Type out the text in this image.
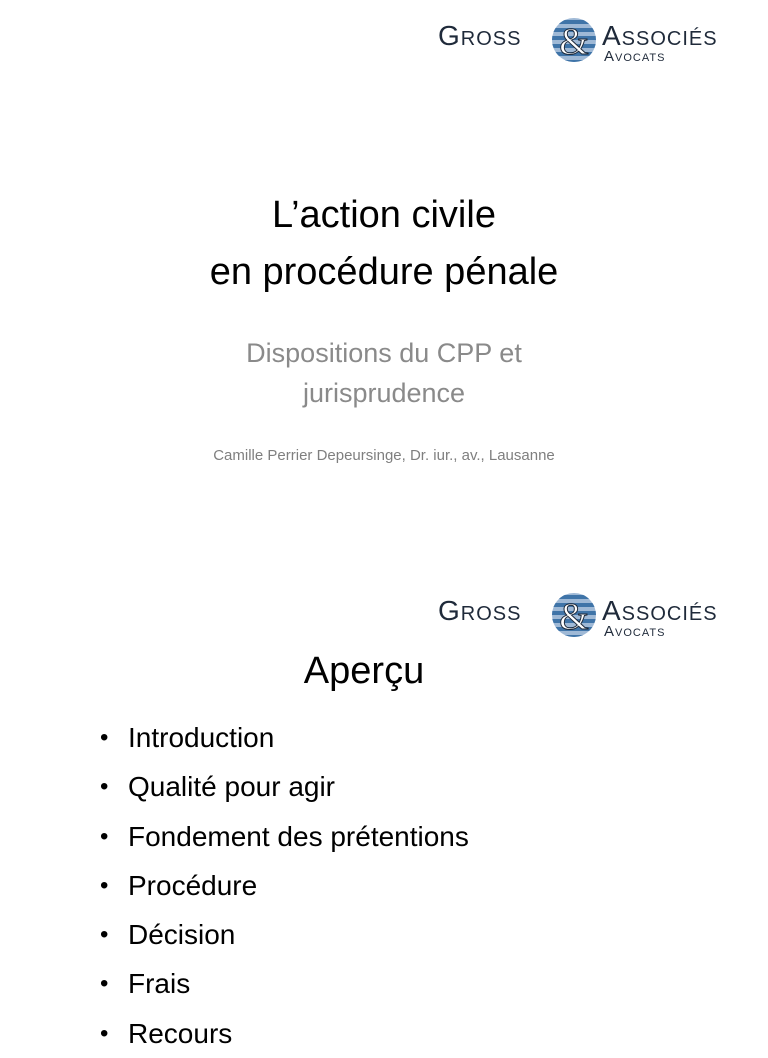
Gross & Associés
Avocats
L’action civile
en procédure pénale
Dispositions du CPP et
jurisprudence
Camille Perrier Depeursinge, Dr. iur., av., Lausanne
Gross & Associés
Avocats
Aperçu
• Introduction
• Qualité pour agir
• Fondement des prétentions
• Procédure
• Décision
• Frais
• Recours
